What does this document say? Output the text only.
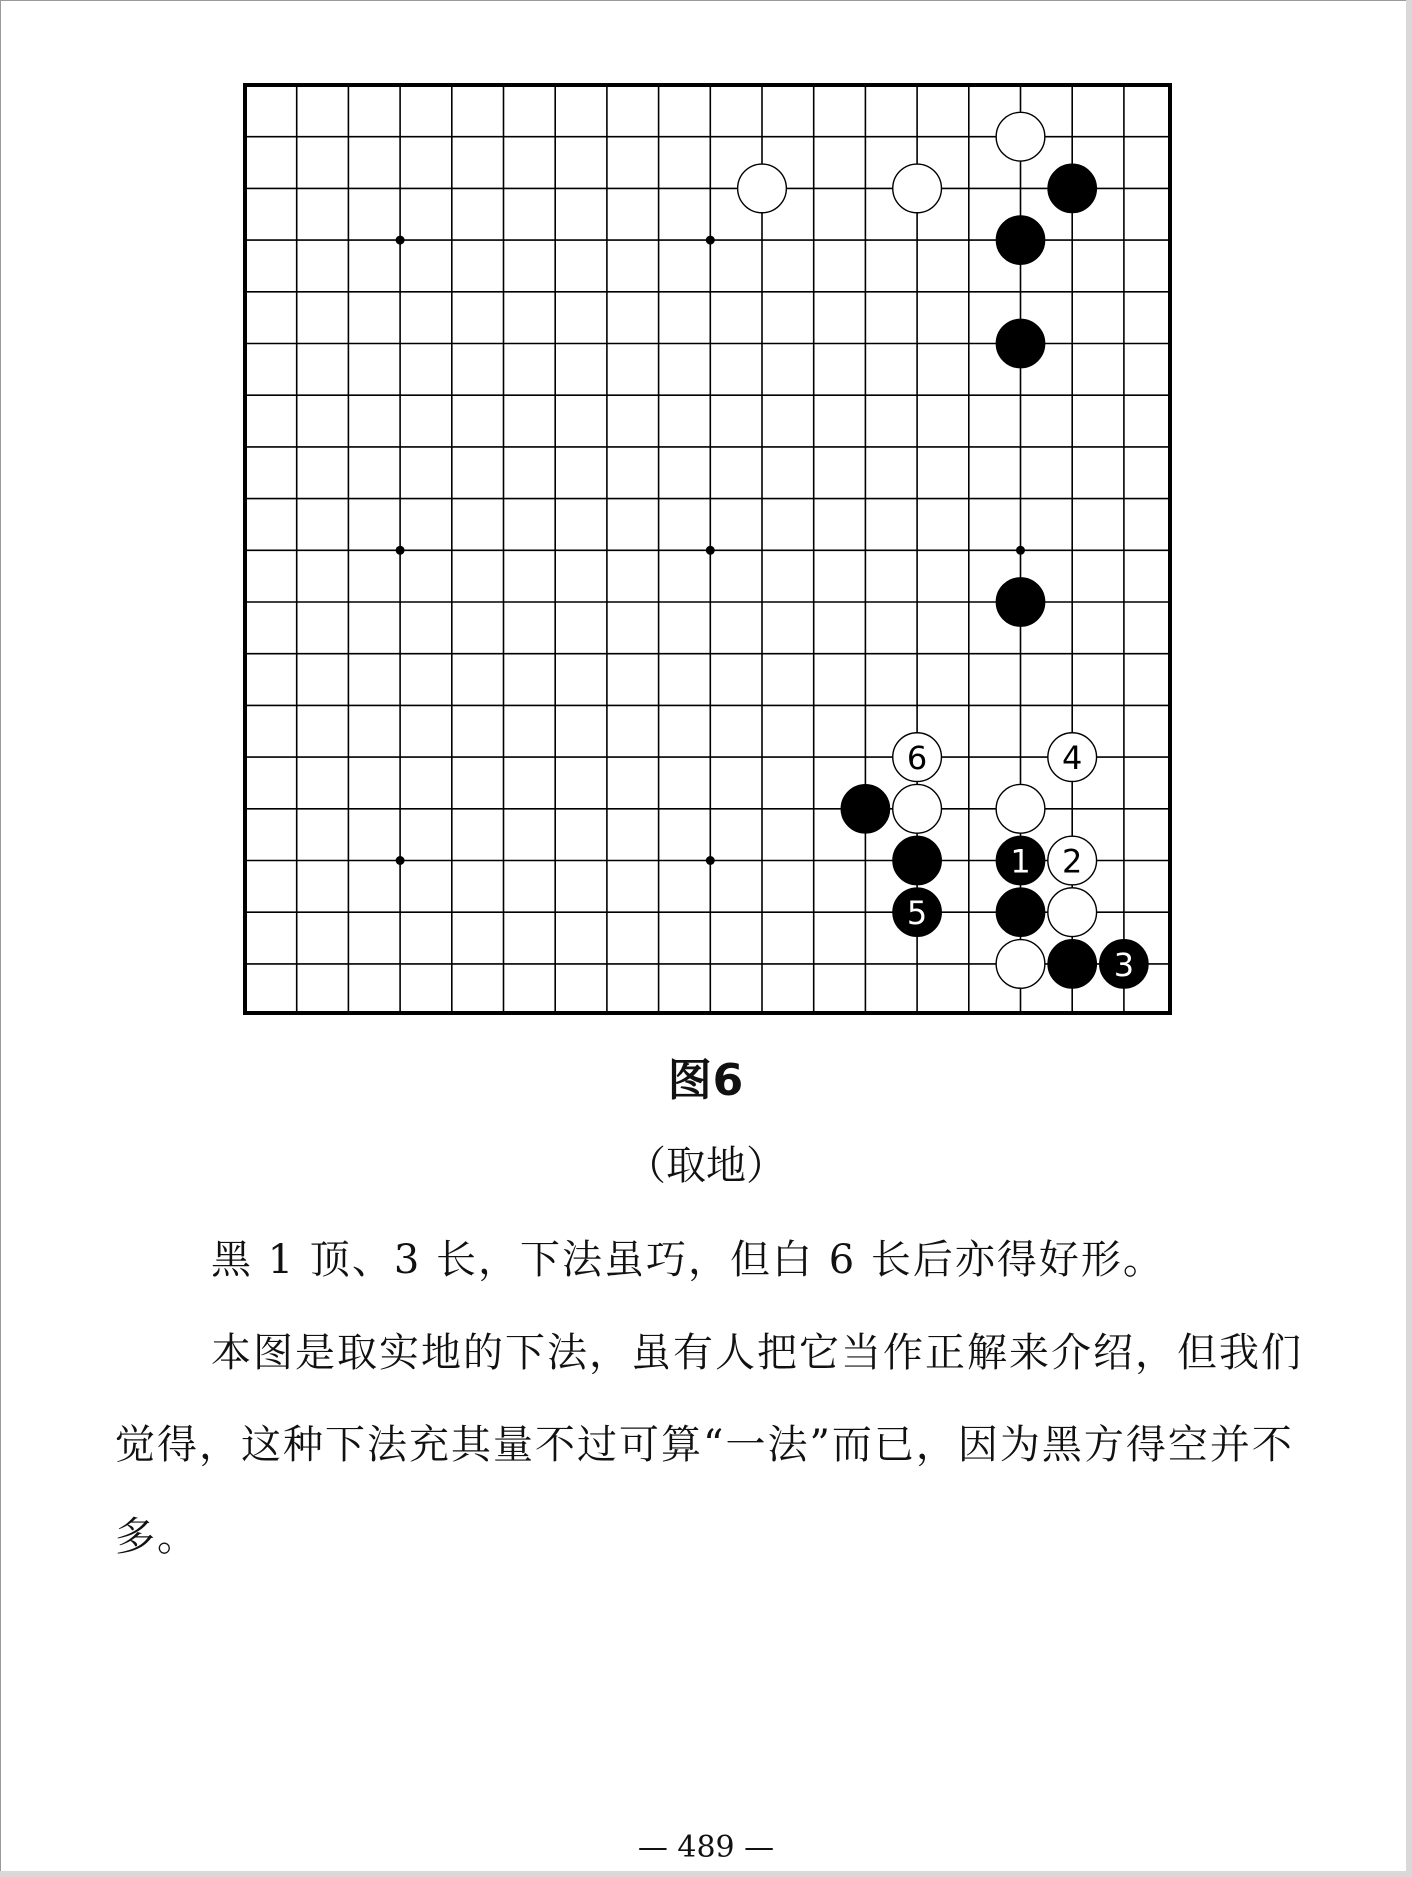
6	4
1 2
5
3
图6
（取地）

黑 1 顶、3 长，下法虽巧，但白 6 长后亦得好形。

本图是取实地的下法，虽有人把它当作正解来介绍，但我们觉得，这种下法充其量不过可算“一法”而已，因为黑方得空并不多。

— 489 —
